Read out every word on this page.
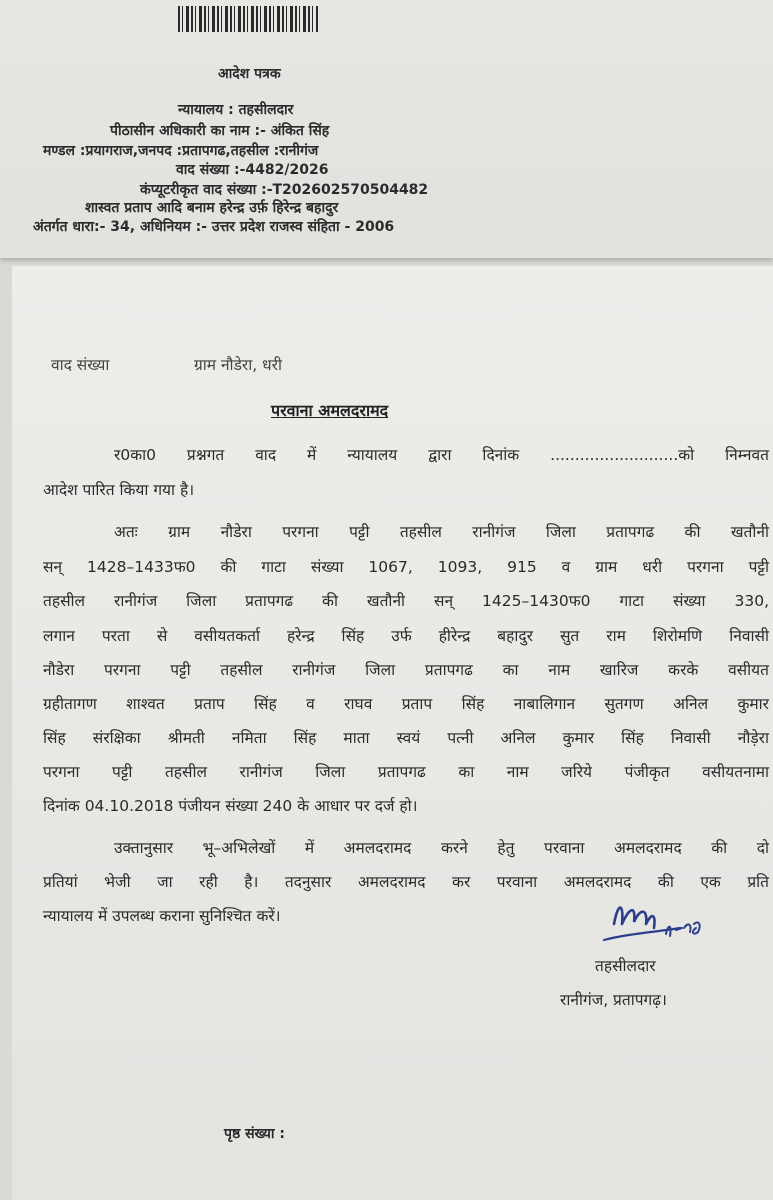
आदेश पत्रक
न्यायालय : तहसीलदार
पीठासीन अधिकारी का नाम :- अंकित सिंह
मण्डल :प्रयागराज,जनपद :प्रतापगढ,तहसील :रानीगंज
वाद संख्या :-4482/2026
कंप्यूटरीकृत वाद संख्या :-T202602570504482
शास्वत प्रताप आदि बनाम हरेन्द्र उर्फ़ हिरेन्द्र बहादुर
अंतर्गत धारा:- 34, अधिनियम :- उत्तर प्रदेश राजस्व संहिता - 2006
वाद संख्या	ग्राम नौडेरा, धरी
परवाना अमलदरामद
र0का0 प्रश्नगत वाद में न्यायालय द्वारा दिनांक ..........................को निम्नवत
आदेश पारित किया गया है।
अतः ग्राम नौडेरा परगना पट्टी तहसील रानीगंज जिला प्रतापगढ की खतौनी
सन् 1428–1433फ0 की गाटा संख्या 1067, 1093, 915 व ग्राम धरी परगना पट्टी
तहसील रानीगंज जिला प्रतापगढ की खतौनी सन् 1425–1430फ0 गाटा संख्या 330,
लगान परता से वसीयतकर्ता हरेन्द्र सिंह उर्फ हीरेन्द्र बहादुर सुत राम शिरोमणि निवासी
नौडेरा परगना पट्टी तहसील रानीगंज जिला प्रतापगढ का नाम खारिज करके वसीयत
ग्रहीतागण शाश्वत प्रताप सिंह व राघव प्रताप सिंह नाबालिगान सुतगण अनिल कुमार
सिंह संरक्षिका श्रीमती नमिता सिंह माता स्वयं पत्नी अनिल कुमार सिंह निवासी नौड़ेरा
परगना पट्टी तहसील रानीगंज जिला प्रतापगढ का नाम जरिये पंजीकृत वसीयतनामा
दिनांक 04.10.2018 पंजीयन संख्या 240 के आधार पर दर्ज हो।
उक्तानुसार भू–अभिलेखों में अमलदरामद करने हेतु परवाना अमलदरामद की दो
प्रतियां भेजी जा रही है। तदनुसार अमलदरामद कर परवाना अमलदरामद की एक प्रति
न्यायालय में उपलब्ध कराना सुनिश्चित करें।
तहसीलदार
रानीगंज, प्रतापगढ़।
पृष्ठ संख्या :
